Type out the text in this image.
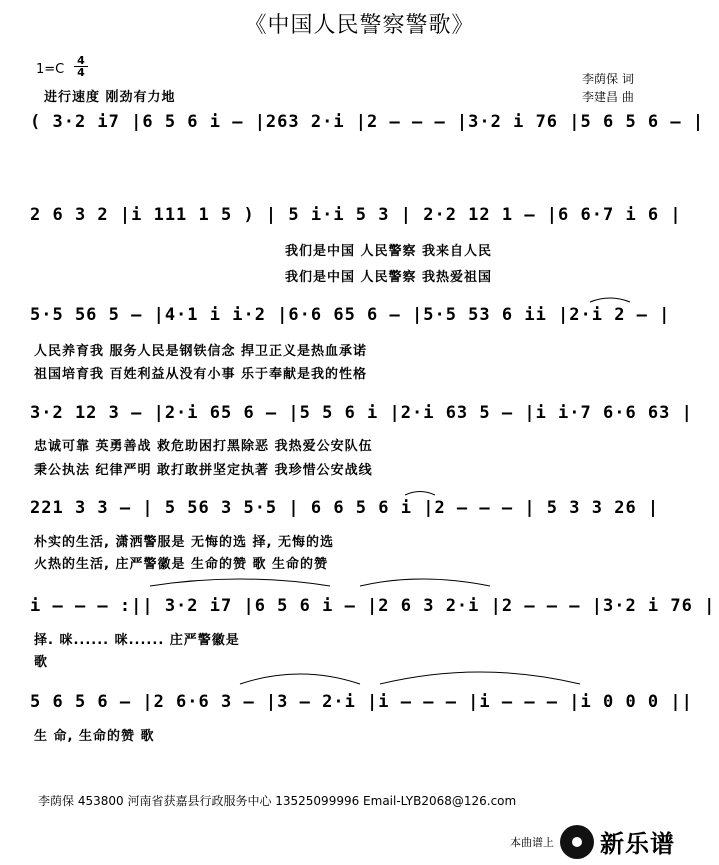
《中国人民警察警歌》
1=C
4
4
进行速度 刚劲有力地
李荫保 词
李建昌 曲
( 3·2 i7 |6 5 6 i – |263 2·i |2 – – – |3·2 i 76 |5 6 5 6 – |
2 6 3 2 |i 111 1 5 ) | 5 i·i 5 3 | 2·2 12 1 – |6 6·7 i 6 |
我们是中国 人民警察 我来自人民
我们是中国 人民警察 我热爱祖国
5·5 56 5 – |4·1 i i·2 |6·6 65 6 – |5·5 53 6 ii |2·i 2 – |
人民养育我 服务人民是钢铁信念 捍卫正义是热血承诺
祖国培育我 百姓利益从没有小事 乐于奉献是我的性格
3·2 12 3 – |2·i 65 6 – |5 5 6 i |2·i 63 5 – |i i·7 6·6 63 |
忠诚可靠 英勇善战 救危助困打黑除恶 我热爱公安队伍
秉公执法 纪律严明 敢打敢拼坚定执著 我珍惜公安战线
221 3 3 – | 5 56 3 5·5 | 6 6 5 6 i |2 – – – | 5 3 3 26 |
朴实的生活, 潇洒警服是 无悔的选 择, 无悔的选
火热的生活, 庄严警徽是 生命的赞 歌 生命的赞
i – – – :|| 3·2 i7 |6 5 6 i – |2 6 3 2·i |2 – – – |3·2 i 76 |
择. 咪...... 咪...... 庄严警徽是
歌
5 6 5 6 – |2 6·6 3 – |3 – 2·i |i – – – |i – – – |i 0 0 0 ||
生 命, 生命的赞 歌
李荫保 453800 河南省获嘉县行政服务中心 13525099996 Email-LYB2068@126.com
本曲谱上 新乐谱
